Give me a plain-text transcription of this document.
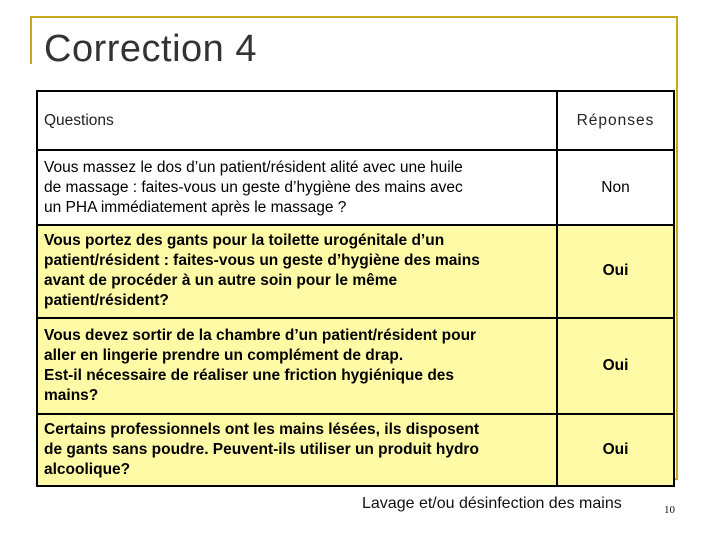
Correction 4
Questions	Réponses

Vous massez le dos d’un patient/résident alité avec une huile
de massage : faites-vous un geste d’hygiène des mains avec
un PHA immédiatement après le massage ?	Non

Vous portez des gants pour la toilette urogénitale d’un
patient/résident : faites-vous un geste d’hygiène des mains
avant de procéder à un autre soin pour le même
patient/résident?	Oui

Vous devez sortir de la chambre d’un patient/résident pour
aller en lingerie prendre un complément de drap.
Est-il nécessaire de réaliser une friction hygiénique des
mains?	Oui

Certains professionnels ont les mains lésées, ils disposent
de gants sans poudre. Peuvent-ils utiliser un produit hydro
alcoolique?	Oui
Lavage et/ou désinfection des mains	10
